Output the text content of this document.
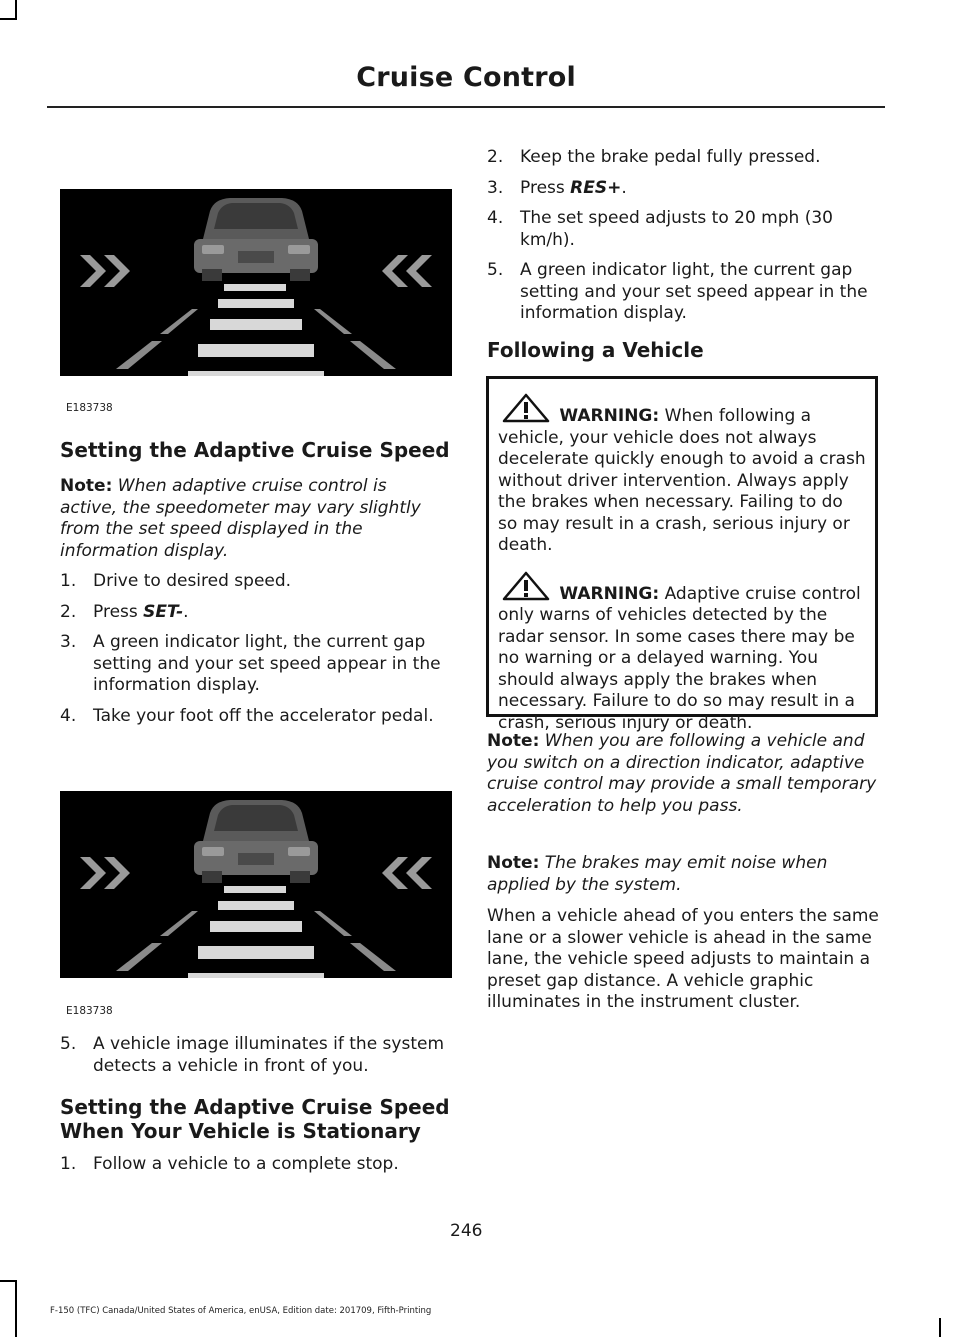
Cruise Control
E183738
Setting the Adaptive Cruise Speed

Note: When adaptive cruise control is active, the speedometer may vary slightly from the set speed displayed in the information display.

1. Drive to desired speed.
2. Press SET-.
3. A green indicator light, the current gap setting and your set speed appear in the information display.
4. Take your foot off the accelerator pedal.
E183738
5. A vehicle image illuminates if the system detects a vehicle in front of you.
Setting the Adaptive Cruise Speed When Your Vehicle is Stationary
1. Follow a vehicle to a complete stop.
2. Keep the brake pedal fully pressed.
3. Press RES+.
4. The set speed adjusts to 20 mph (30 km/h).
5. A green indicator light, the current gap setting and your set speed appear in the information display.
Following a Vehicle

WARNING: When following a vehicle, your vehicle does not always decelerate quickly enough to avoid a crash without driver intervention. Always apply the brakes when necessary. Failing to do so may result in a crash, serious injury or death.

WARNING: Adaptive cruise control only warns of vehicles detected by the radar sensor. In some cases there may be no warning or a delayed warning. You should always apply the brakes when necessary. Failure to do so may result in a crash, serious injury or death.

Note: When you are following a vehicle and you switch on a direction indicator, adaptive cruise control may provide a small temporary acceleration to help you pass.

Note: The brakes may emit noise when applied by the system.

When a vehicle ahead of you enters the same lane or a slower vehicle is ahead in the same lane, the vehicle speed adjusts to maintain a preset gap distance. A vehicle graphic illuminates in the instrument cluster.

246
F-150 (TFC) Canada/United States of America, enUSA, Edition date: 201709, Fifth-Printing
